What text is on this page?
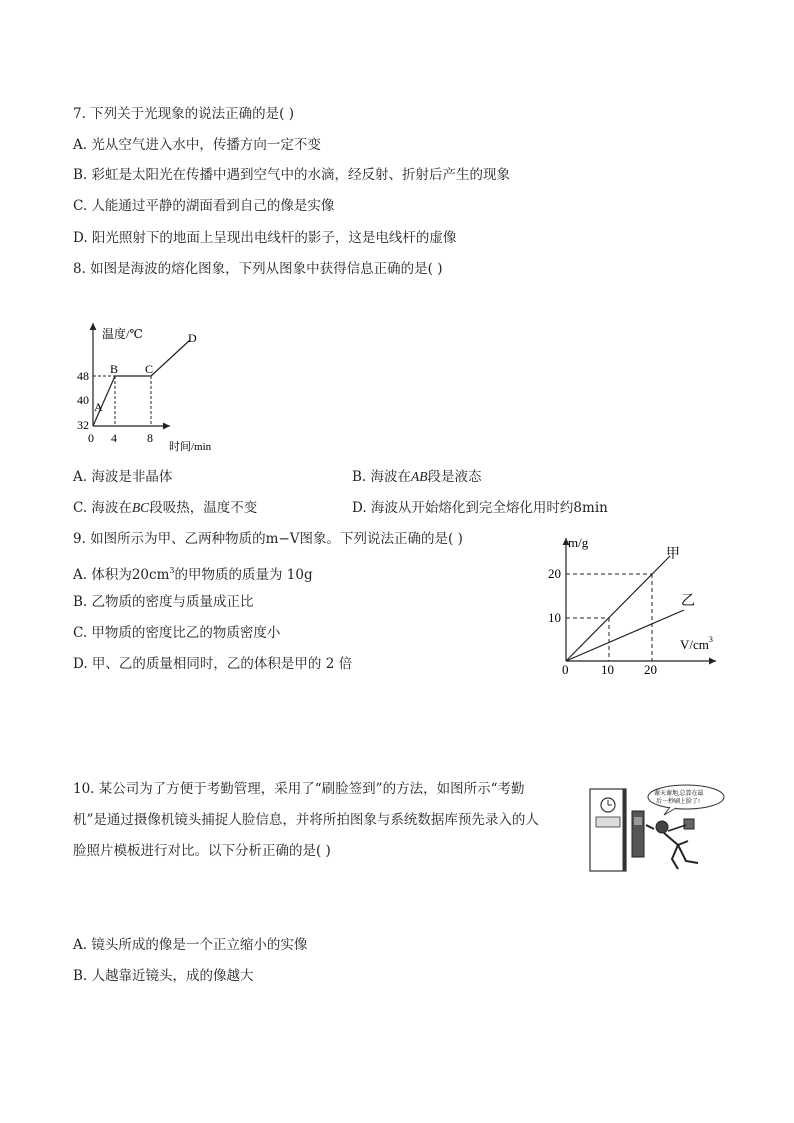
7. 下列关于光现象的说法正确的是( )
A. 光从空气进入水中，传播方向一定不变
B. 彩虹是太阳光在传播中遇到空气中的水滴，经反射、折射后产生的现象
C. 人能通过平静的湖面看到自己的像是实像
D. 阳光照射下的地面上呈现出电线杆的影子，这是电线杆的虚像
8. 如图是海波的熔化图象，下列从图象中获得信息正确的是( )
温度/℃
时间/min
48
40
32
0 4	8
A
B C
D
A. 海波是非晶体	B. 海波在AB段是液态
C. 海波在BC段吸热，温度不变	D. 海波从开始熔化到完全熔化用时约8min
9. 如图所示为甲、乙两种物质的m−V图象。下列说法正确的是( )
A. 体积为$20cm^3$的甲物质的质量为 10g
B. 乙物质的密度与质量成正比
C. 甲物质的密度比乙的物质密度小
D. 甲、乙的质量相同时，乙的体积是甲的 2 倍
m/g
$V/cm^3$
20
10
0	10 20
甲
乙
10. 某公司为了方便于考勤管理，采用了“刷脸签到”的方法，如图所示“考勤
机”是通过摄像机镜头捕捉人脸信息，并将所拍图象与系统数据库预先录入的人
脸照片模板进行对比。以下分析正确的是( )
谢天谢地,总算在最
后一秒刷上脸了!
A. 镜头所成的像是一个正立缩小的实像
B. 人越靠近镜头，成的像越大
